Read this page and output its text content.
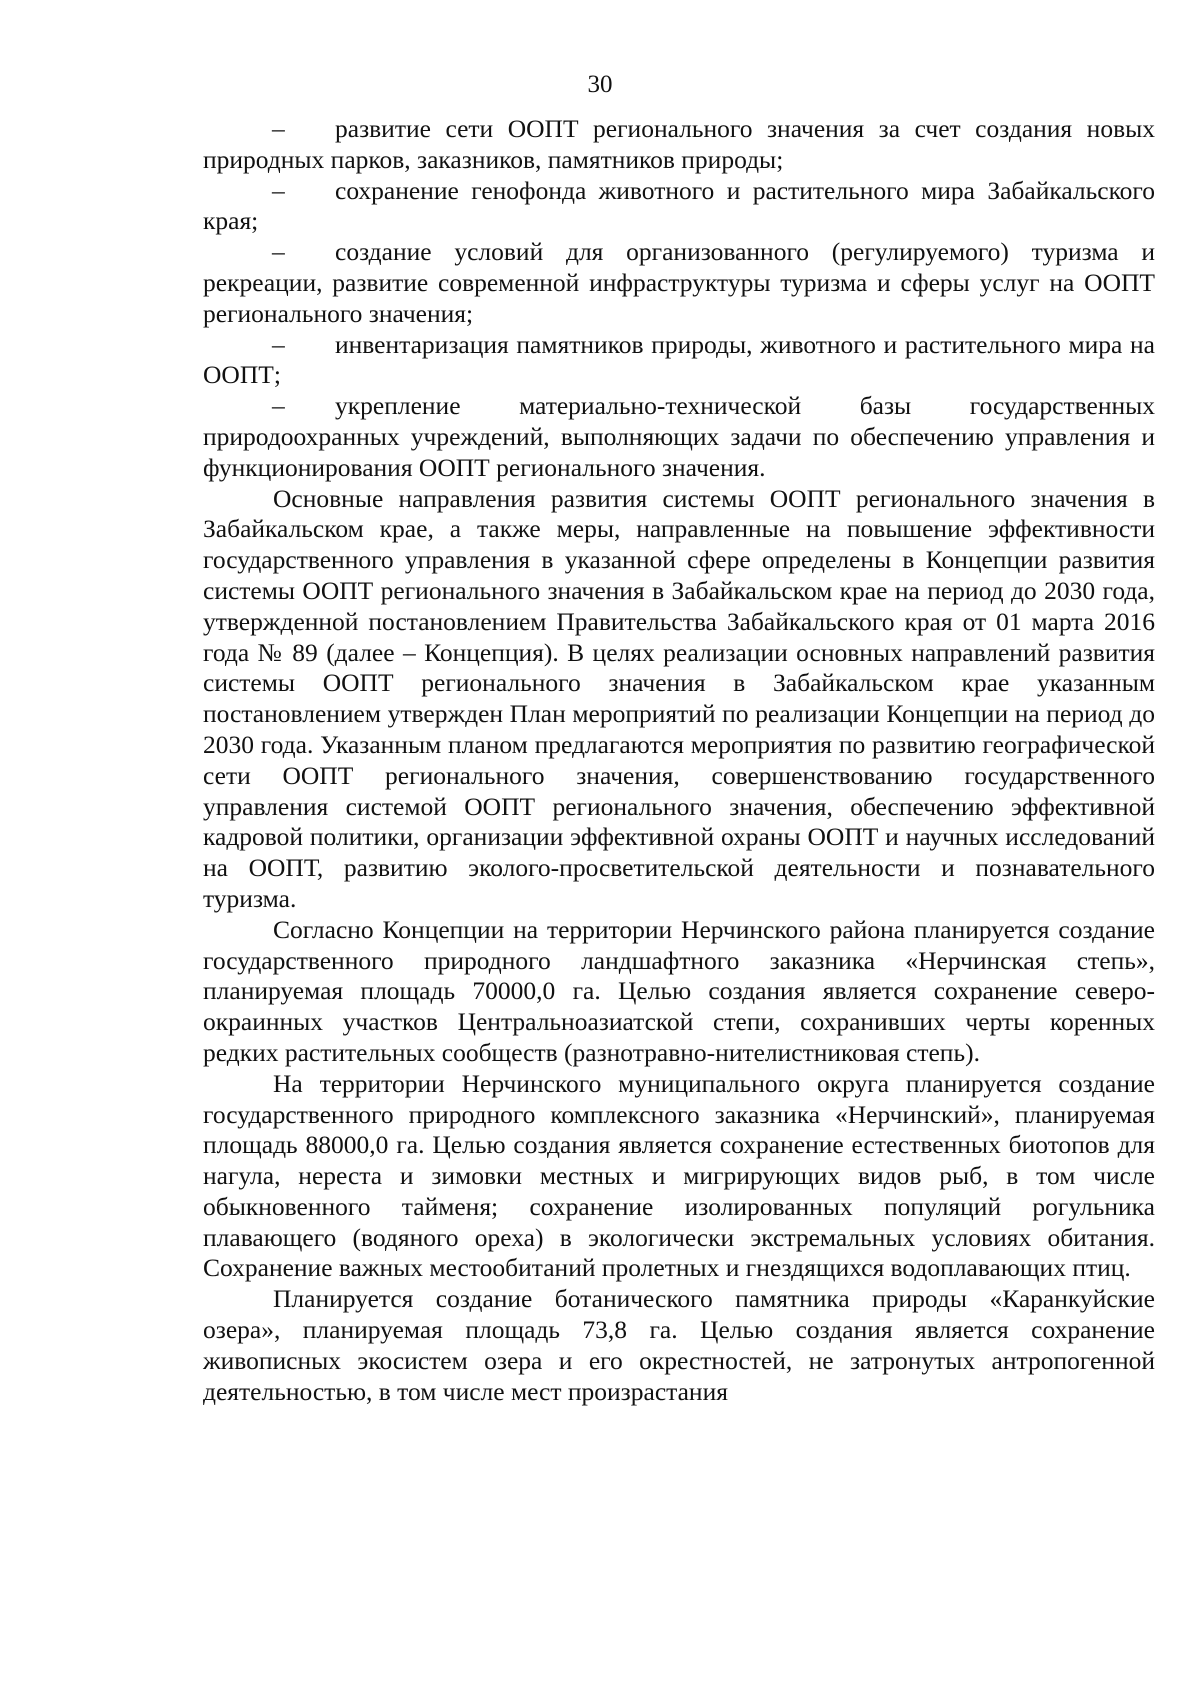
30

– развитие сети ООПТ регионального значения за счет создания новых природных парков, заказников, памятников природы;

– сохранение генофонда животного и растительного мира Забайкальского края;

– создание условий для организованного (регулируемого) туризма и рекреации, развитие современной инфраструктуры туризма и сферы услуг на ООПТ регионального значения;

– инвентаризация памятников природы, животного и растительного мира на ООПТ;

– укрепление материально-технической базы государственных природоохранных учреждений, выполняющих задачи по обеспечению управления и функционирования ООПТ регионального значения.

Основные направления развития системы ООПТ регионального значения в Забайкальском крае, а также меры, направленные на повышение эффективности государственного управления в указанной сфере определены в Концепции развития системы ООПТ регионального значения в Забайкальском крае на период до 2030 года, утвержденной постановлением Правительства Забайкальского края от 01 марта 2016 года № 89 (далее – Концепция). В целях реализации основных направлений развития системы ООПТ регионального значения в Забайкальском крае указанным постановлением утвержден План мероприятий по реализации Концепции на период до 2030 года. Указанным планом предлагаются мероприятия по развитию географической сети ООПТ регионального значения, совершенствованию государственного управления системой ООПТ регионального значения, обеспечению эффективной кадровой политики, организации эффективной охраны ООПТ и научных исследований на ООПТ, развитию эколого-просветительской деятельности и познавательного туризма.

Согласно Концепции на территории Нерчинского района планируется создание государственного природного ландшафтного заказника «Нерчинская степь», планируемая площадь 70000,0 га. Целью создания является сохранение северо-окраинных участков Центральноазиатской степи, сохранивших черты коренных редких растительных сообществ (разнотравно-нителистниковая степь).

На территории Нерчинского муниципального округа планируется создание государственного природного комплексного заказника «Нерчинский», планируемая площадь 88000,0 га. Целью создания является сохранение естественных биотопов для нагула, нереста и зимовки местных и мигрирующих видов рыб, в том числе обыкновенного тайменя; сохранение изолированных популяций рогульника плавающего (водяного ореха) в экологически экстремальных условиях обитания. Сохранение важных местообитаний пролетных и гнездящихся водоплавающих птиц.

Планируется создание ботанического памятника природы «Каранкуйские озера», планируемая площадь 73,8 га. Целью создания является сохранение живописных экосистем озера и его окрестностей, не затронутых антропогенной деятельностью, в том числе мест произрастания
